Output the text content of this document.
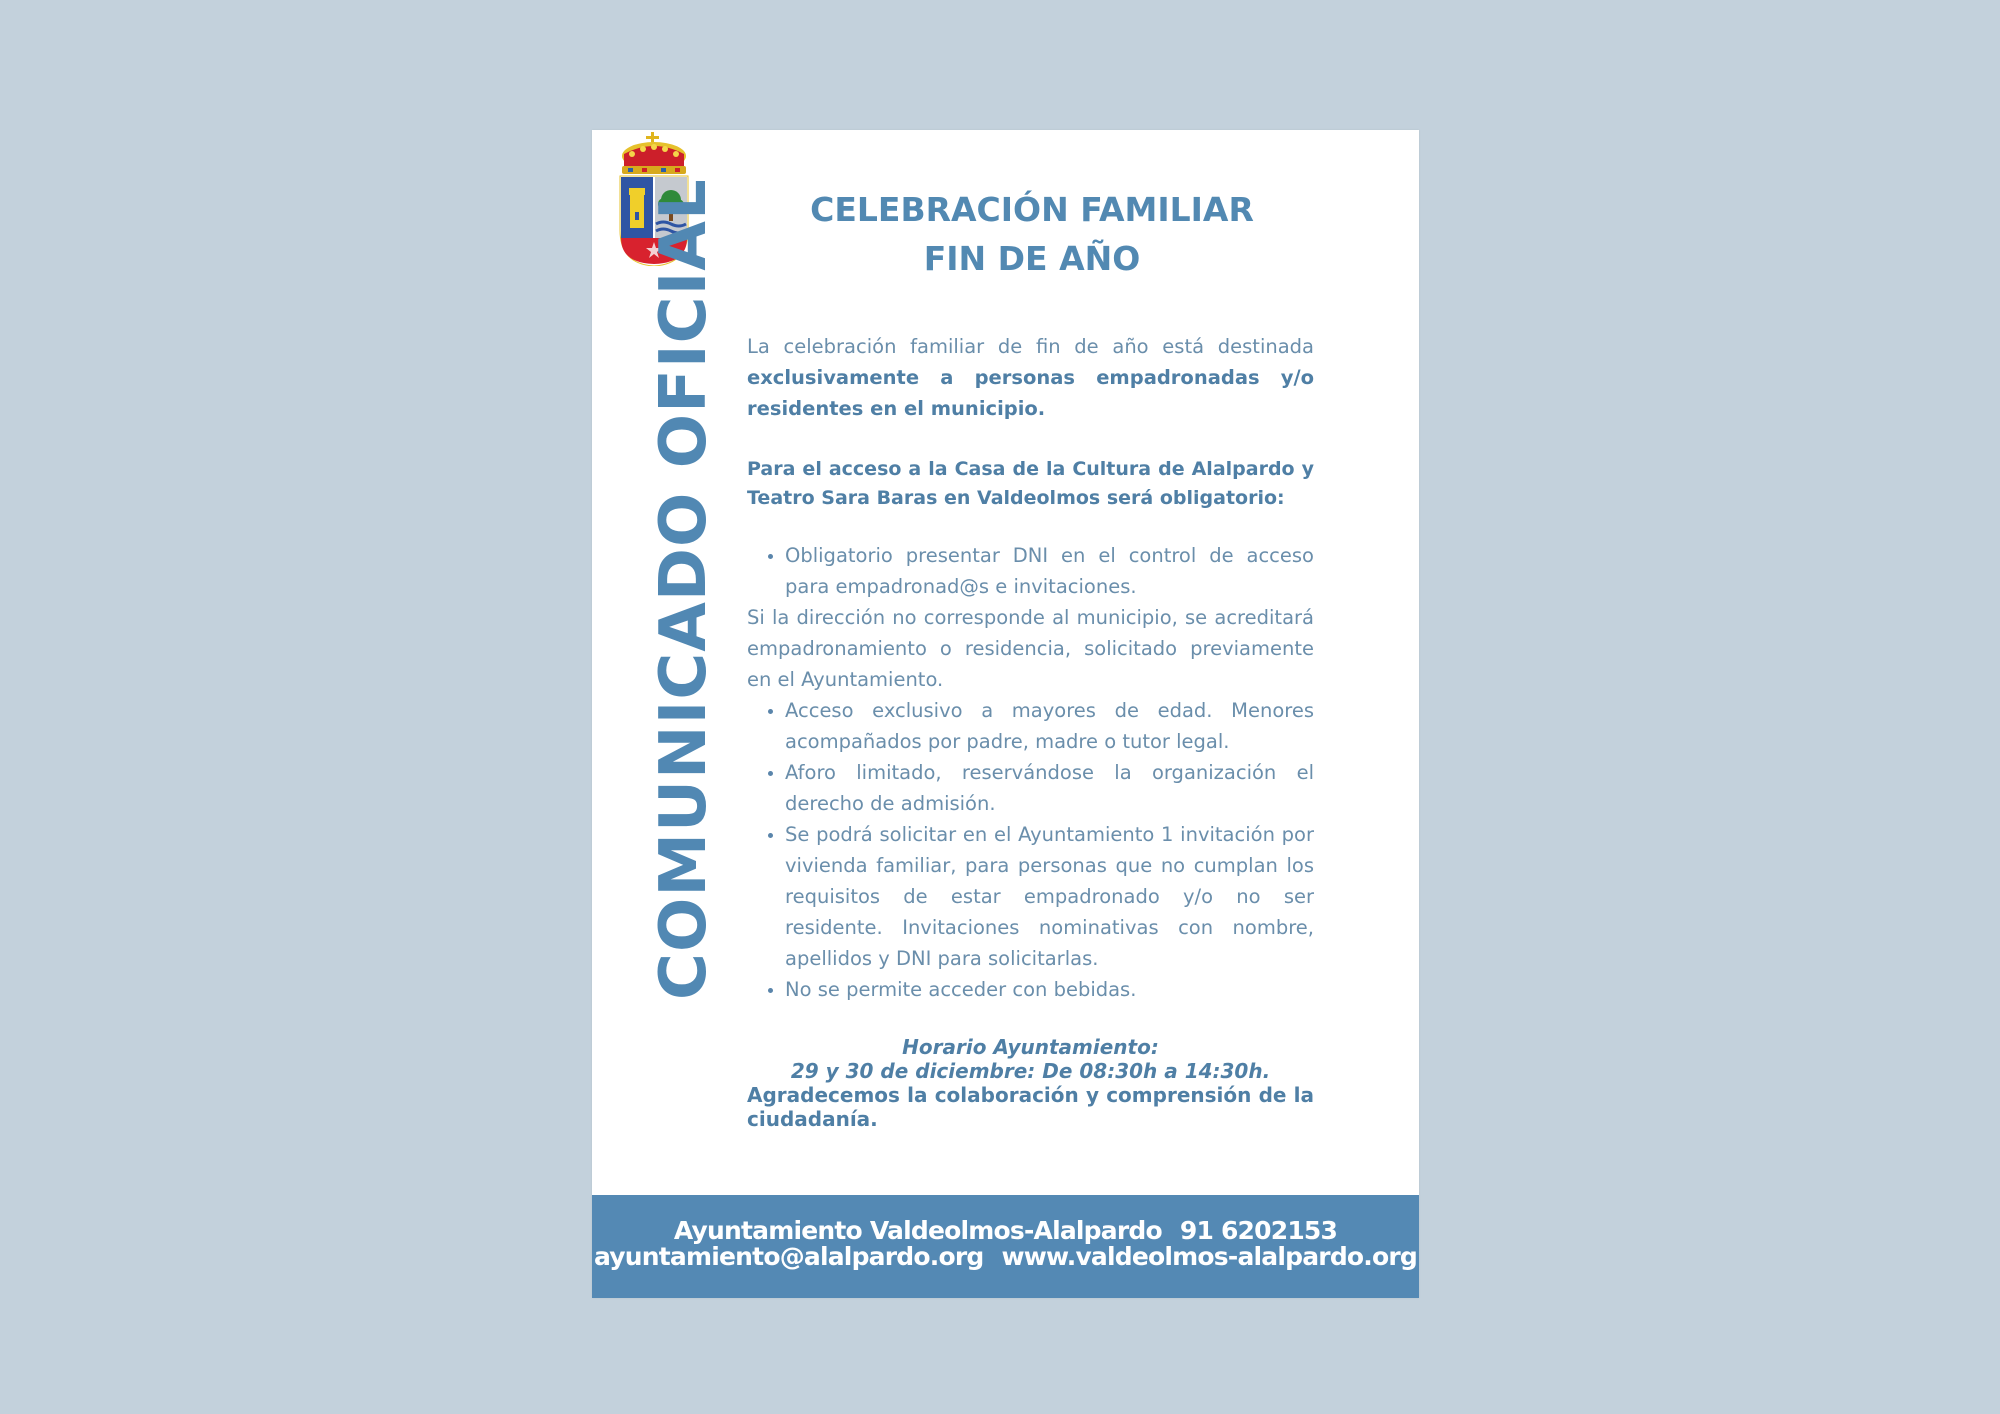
COMUNICADO OFICIAL	CELEBRACIÓN FAMILIAR
FIN DE AÑO

La celebración familiar de fin de año está destinada exclusivamente a personas empadronadas y/o residentes en el municipio.

Para el acceso a la Casa de la Cultura de Alalpardo y Teatro Sara Baras en Valdeolmos será obligatorio:

• Obligatorio presentar DNI en el control de acceso para empadronad@s e invitaciones.

Si la dirección no corresponde al municipio, se acreditará empadronamiento o residencia, solicitado previamente en el Ayuntamiento.

• Acceso exclusivo a mayores de edad. Menores acompañados por padre, madre o tutor legal.
• Aforo limitado, reservándose la organización el derecho de admisión.
• Se podrá solicitar en el Ayuntamiento 1 invitación por vivienda familiar, para personas que no cumplan los requisitos de estar empadronado y/o no ser residente. Invitaciones nominativas con nombre, apellidos y DNI para solicitarlas.
• No se permite acceder con bebidas.
Horario Ayuntamiento:
29 y 30 de diciembre: De 08:30h a 14:30h.

Agradecemos la colaboración y comprensión de la ciudadanía.

Ayuntamiento Valdeolmos-Alalpardo 91 6202153
ayuntamiento@alalpardo.org www.valdeolmos-alalpardo.org
